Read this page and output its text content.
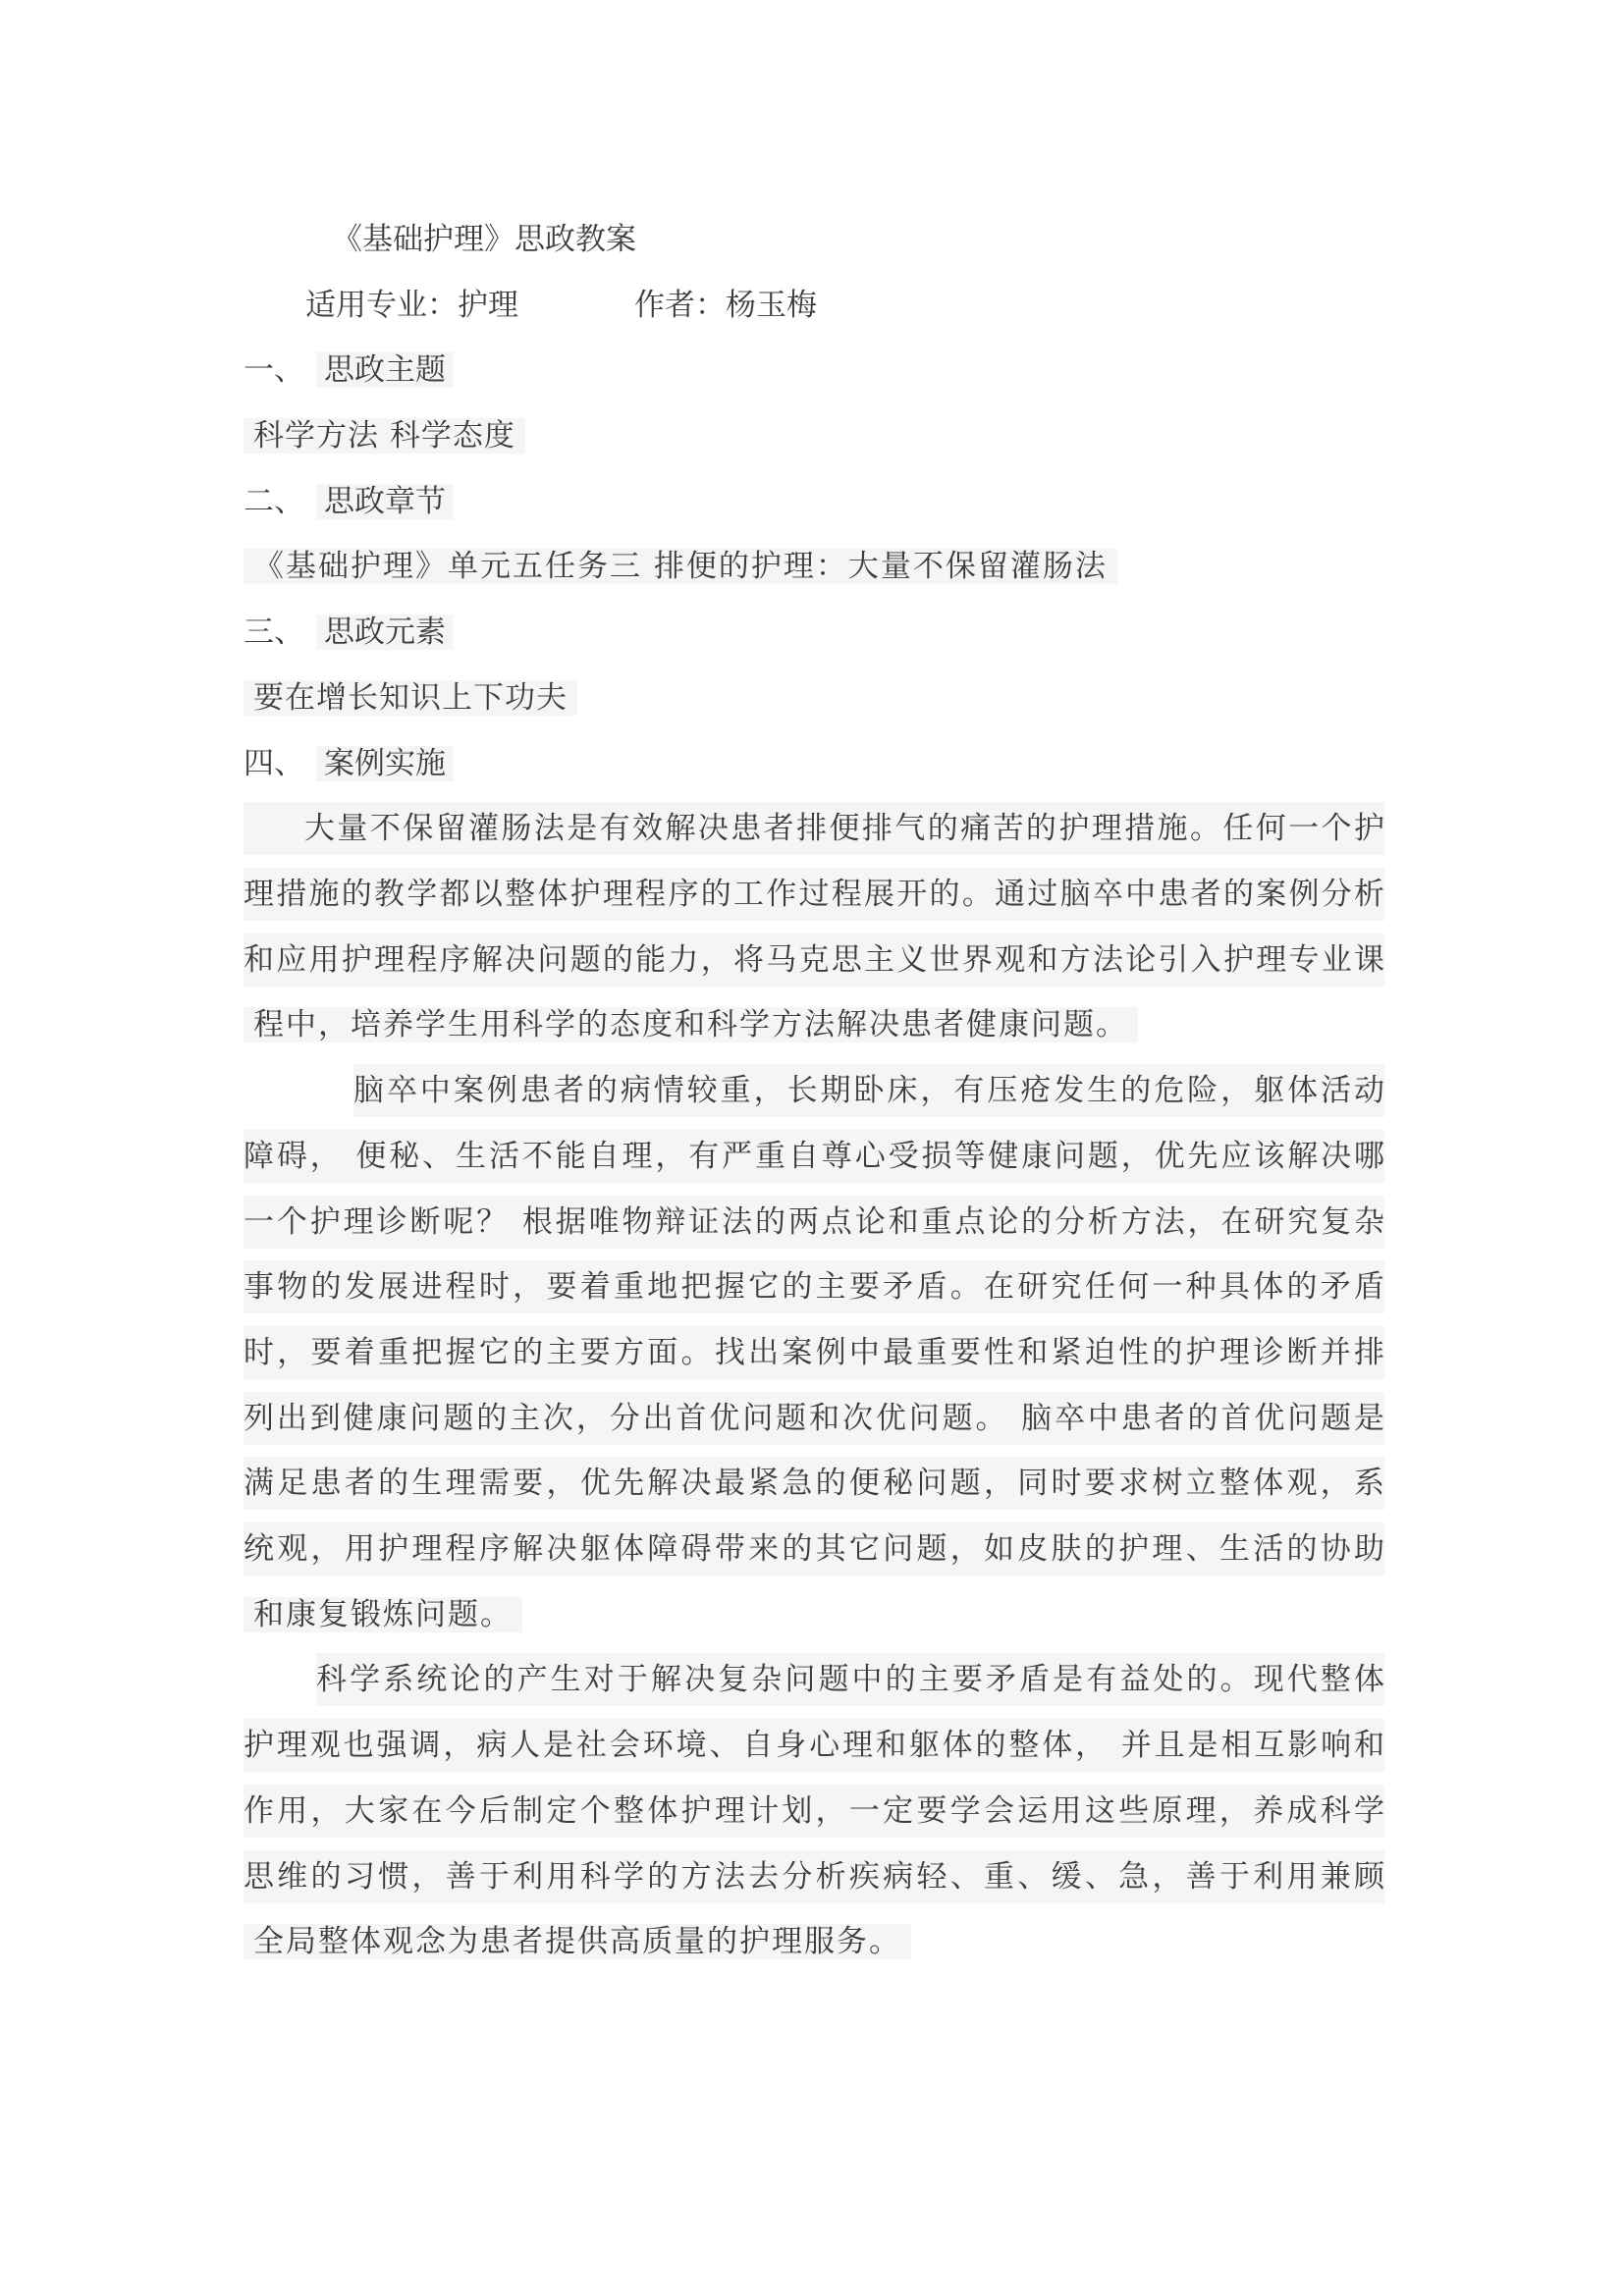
《基础护理》思政教案
适用专业：护理	作者：杨玉梅
一、 思政主题
科学方法 科学态度
二、 思政章节
《基础护理》单元五任务三 排便的护理：大量不保留灌肠法
三、 思政元素
要在增长知识上下功夫
四、 案例实施
大量不保留灌肠法是有效解决患者排便排气的痛苦的护理措施。任何一个护
理措施的教学都以整体护理程序的工作过程展开的。通过脑卒中患者的案例分析
和应用护理程序解决问题的能力，将马克思主义世界观和方法论引入护理专业课
程中，培养学生用科学的态度和科学方法解决患者健康问题。
脑卒中案例患者的病情较重，长期卧床，有压疮发生的危险，躯体活动
障碍， 便秘、生活不能自理，有严重自尊心受损等健康问题，优先应该解决哪
一个护理诊断呢？ 根据唯物辩证法的两点论和重点论的分析方法，在研究复杂
事物的发展进程时，要着重地把握它的主要矛盾。在研究任何一种具体的矛盾
时，要着重把握它的主要方面。找出案例中最重要性和紧迫性的护理诊断并排
列出到健康问题的主次，分出首优问题和次优问题。 脑卒中患者的首优问题是
满足患者的生理需要，优先解决最紧急的便秘问题，同时要求树立整体观，系
统观，用护理程序解决躯体障碍带来的其它问题，如皮肤的护理、生活的协助
和康复锻炼问题。
科学系统论的产生对于解决复杂问题中的主要矛盾是有益处的。现代整体
护理观也强调，病人是社会环境、自身心理和躯体的整体， 并且是相互影响和
作用，大家在今后制定个整体护理计划，一定要学会运用这些原理，养成科学
思维的习惯，善于利用科学的方法去分析疾病轻、重、缓、急，善于利用兼顾
全局整体观念为患者提供高质量的护理服务。
